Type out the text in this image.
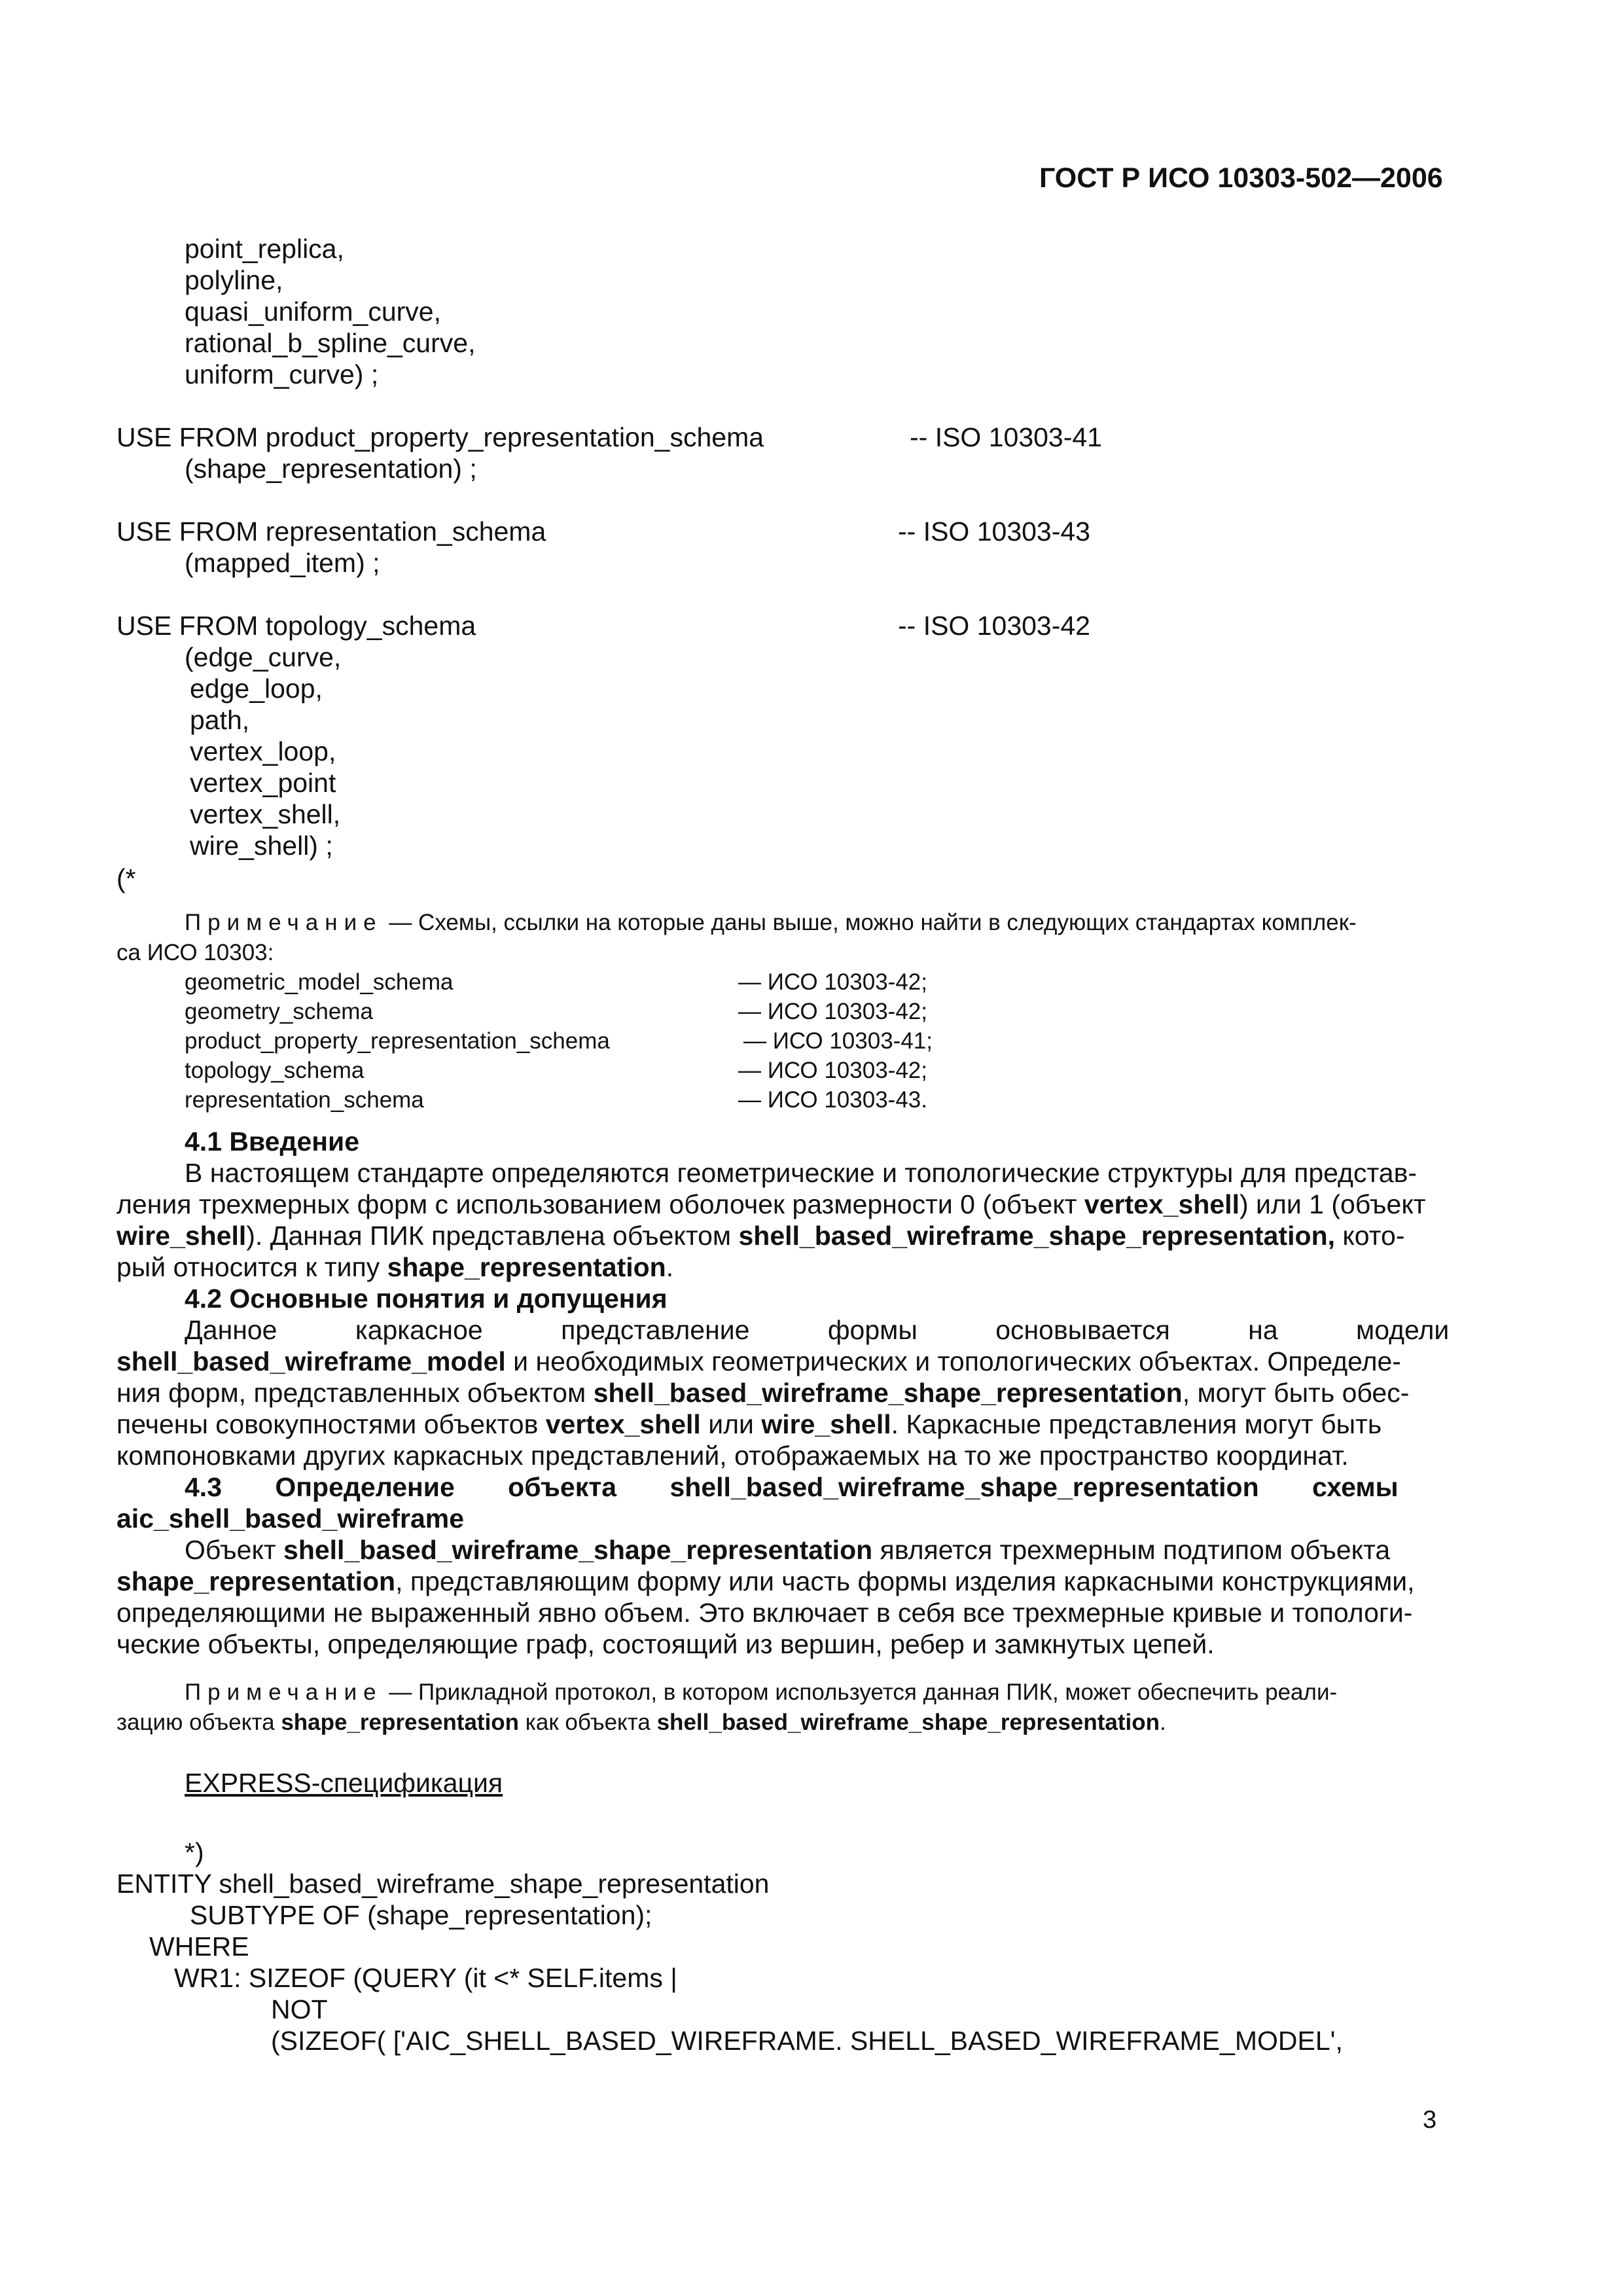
ГОСТ Р ИСО 10303-502—2006
point_replica,
polyline,
quasi_uniform_curve,
rational_b_spline_curve,
uniform_curve) ;
USE FROM product_property_representation_schema	-- ISO 10303-41
(shape_representation) ;
USE FROM representation_schema	-- ISO 10303-43
(mapped_item) ;
USE FROM topology_schema	-- ISO 10303-42
(edge_curve,
edge_loop,
path,
vertex_loop,
vertex_point
vertex_shell,
wire_shell) ;
(*
Примечание — Схемы, ссылки на которые даны выше, можно найти в следующих стандартах комплек-
са ИСО 10303:
geometric_model_schema	— ИСО 10303-42;
geometry_schema	— ИСО 10303-42;
product_property_representation_schema	— ИСО 10303-41;
topology_schema	— ИСО 10303-42;
representation_schema	— ИСО 10303-43.
4.1 Введение
В настоящем стандарте определяются геометрические и топологические структуры для представ-
ления трехмерных форм с использованием оболочек размерности 0 (объект vertex_shell) или 1 (объект
wire_shell). Данная ПИК представлена объектом shell_based_wireframe_shape_representation, кото-
рый относится к типу shape_representation.
4.2 Основные понятия и допущения
Данное каркасное представление формы основывается на модели
shell_based_wireframe_model и необходимых геометрических и топологических объектах. Определе-
ния форм, представленных объектом shell_based_wireframe_shape_representation, могут быть обес-
печены совокупностями объектов vertex_shell или wire_shell. Каркасные представления могут быть
компоновками других каркасных представлений, отображаемых на то же пространство координат.
4.3 Определение объекта shell_based_wireframe_shape_representation схемы
aic_shell_based_wireframe
Объект shell_based_wireframe_shape_representation является трехмерным подтипом объекта
shape_representation, представляющим форму или часть формы изделия каркасными конструкциями,
определяющими не выраженный явно объем. Это включает в себя все трехмерные кривые и топологи-
ческие объекты, определяющие граф, состоящий из вершин, ребер и замкнутых цепей.
Примечание — Прикладной протокол, в котором используется данная ПИК, может обеспечить реали-
зацию объекта shape_representation как объекта shell_based_wireframe_shape_representation.
EXPRESS-спецификация
*)
ENTITY shell_based_wireframe_shape_representation
SUBTYPE OF (shape_representation);
WHERE
WR1: SIZEOF (QUERY (it <* SELF.items |
NOT
(SIZEOF( ['AIC_SHELL_BASED_WIREFRAME. SHELL_BASED_WIREFRAME_MODEL',
3
